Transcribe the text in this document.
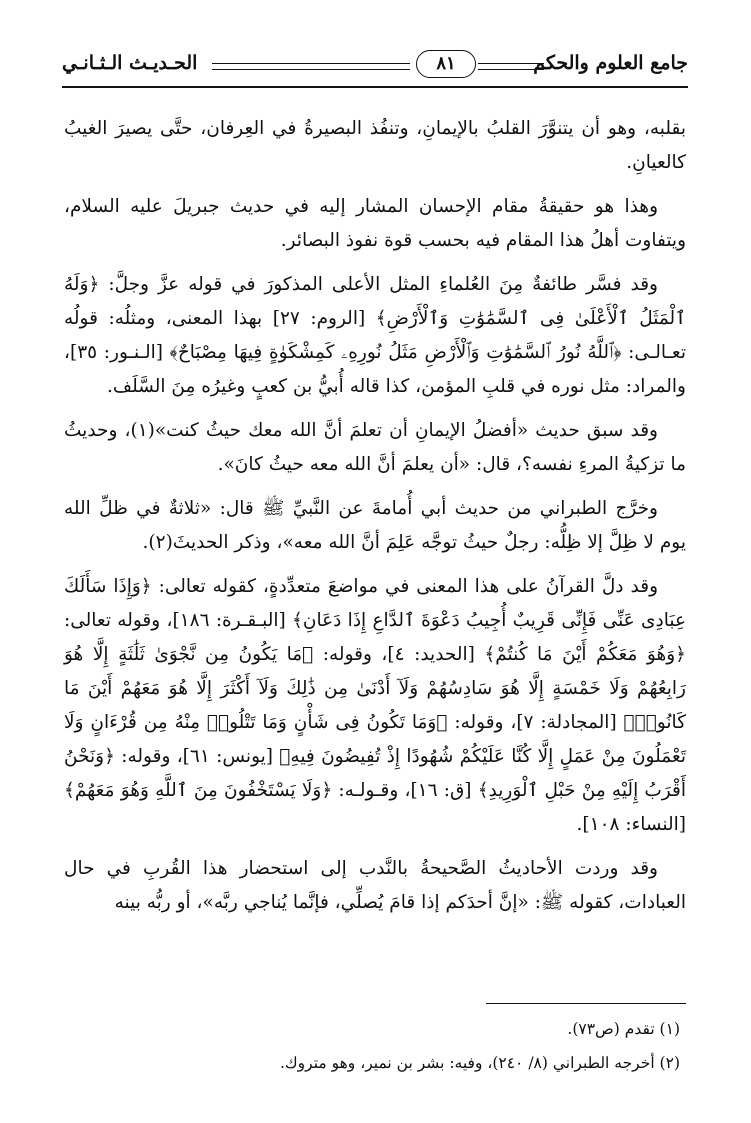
جامع العلوم والحكم
٨١
الحـديـث الـثـانـي

بقلبه، وهو أن يتنوَّرَ القلبُ بالإيمانِ، وتنفُذ البصيرةُ في العِرفان، حتَّى يصيرَ الغيبُ كالعيانِ.

وهذا هو حقيقةُ مقام الإحسان المشار إليه في حديث جبريلَ عليه السلام، ويتفاوت أهلُ هذا المقام فيه بحسب قوة نفوذ البصائر.

وقد فسَّر طائفةٌ مِنَ العُلماءِ المثل الأعلى المذكورَ في قوله عزَّ وجلَّ: ﴿وَلَهُ ٱلْمَثَلُ ٱلْأَعْلَىٰ فِى ٱلسَّمَٰوَٰتِ وَٱلْأَرْضِ﴾ [الروم: ٢٧] بهذا المعنى، ومثلُه: قولُه تعـالـى: ﴿ٱللَّهُ نُورُ ٱلسَّمَٰوَٰتِ وَٱلْأَرْضِ مَثَلُ نُورِهِۦ كَمِشْكَوٰةٍ فِيهَا مِصْبَاحٌ﴾ [الـنـور: ٣٥]، والمراد: مثل نوره في قلبِ المؤمن، كذا قاله أُبيُّ بن كعبٍ وغيرُه مِنَ السَّلَف.

وقد سبق حديث «أفضلُ الإيمانِ أن تعلمَ أنَّ الله معك حيثُ كنت»(١)، وحديثُ ما تزكيةُ المرءِ نفسه؟، قال: «أن يعلمَ أنَّ الله معه حيثُ كانَ».

وخرَّج الطبراني من حديث أبي أُمامةَ عن النَّبيِّ ﷺ قال: «ثلاثةٌ في ظلِّ الله يوم لا ظِلَّ إلا ظِلُّه: رجلٌ حيثُ توجَّه عَلِمَ أنَّ الله معه»، وذكر الحديثَ(٢).

وقد دلَّ القرآنُ على هذا المعنى في مواضعَ متعدِّدةٍ، كقوله تعالى: ﴿وَإِذَا سَأَلَكَ عِبَادِى عَنِّى فَإِنِّى قَرِيبٌ أُجِيبُ دَعْوَةَ ٱلدَّاعِ إِذَا دَعَانِ﴾ [البـقـرة: ١٨٦]، وقوله تعالى: ﴿وَهُوَ مَعَكُمْ أَيْنَ مَا كُنتُمْ﴾ [الحديد: ٤]، وقوله: ﴿مَا يَكُونُ مِن نَّجْوَىٰ ثَلَٰثَةٍ إِلَّا هُوَ رَابِعُهُمْ وَلَا خَمْسَةٍ إِلَّا هُوَ سَادِسُهُمْ وَلَآ أَدْنَىٰ مِن ذَٰلِكَ وَلَآ أَكْثَرَ إِلَّا هُوَ مَعَهُمْ أَيْنَ مَا كَانُوا۟﴾ [المجادلة: ٧]، وقوله: ﴿وَمَا تَكُونُ فِى شَأْنٍ وَمَا تَتْلُوا۟ مِنْهُ مِن قُرْءَانٍ وَلَا تَعْمَلُونَ مِنْ عَمَلٍ إِلَّا كُنَّا عَلَيْكُمْ شُهُودًا إِذْ تُفِيضُونَ فِيهِ﴾ [يونس: ٦١]، وقوله: ﴿وَنَحْنُ أَقْرَبُ إِلَيْهِ مِنْ حَبْلِ ٱلْوَرِيدِ﴾ [ق: ١٦]، وقـولـه: ﴿وَلَا يَسْتَخْفُونَ مِنَ ٱللَّهِ وَهُوَ مَعَهُمْ﴾ [النساء: ١٠٨].

وقد وردت الأحاديثُ الصَّحيحةُ بالنَّدب إلى استحضار هذا القُربِ في حال العبادات، كقوله ﷺ: «إنَّ أحدَكم إذا قامَ يُصلِّي، فإنَّما يُناجي ربَّه»، أو ربُّه بينه

(١) تقدم (ص٧٣).

(٢) أخرجه الطبراني (٨/ ٢٤٠)، وفيه: بشر بن نمير، وهو متروك.
